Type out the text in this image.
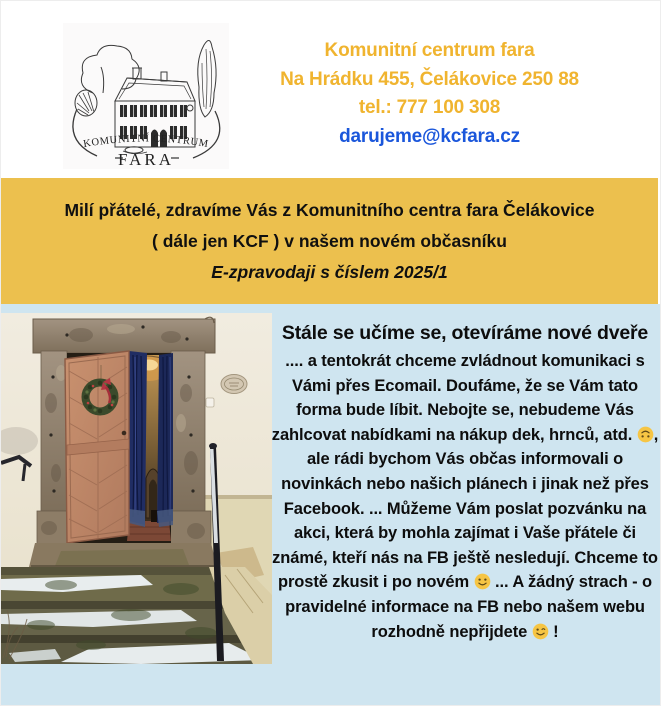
KOMUNITNÍ CENTRUM
FARA
Komunitní centrum fara
Na Hrádku 455, Čelákovice 250 88
tel.: 777 100 308
darujeme@kcfara.cz
Milí přátelé, zdravíme Vás z Komunitního centra fara Čelákovice
( dále jen KCF ) v našem novém občasníku
E-zpravodaji s číslem 2025/1

Stále se učíme se, otevíráme nové dveře

.... a tentokrát chceme zvládnout komunikaci s Vámi přes Ecomail. Doufáme, že se Vám tato forma bude líbit. Nebojte se, nebudeme Vás zahlcovat nabídkami na nákup dek, hrnců, atd. , ale rádi bychom Vás občas informovali o novinkách nebo našich plánech i jinak než přes Facebook. ... Můžeme Vám poslat pozvánku na akci, která by mohla zajímat i Vaše přátele či známé, kteří nás na FB ještě nesledují. Chceme to prostě zkusit i po novém  ... A žádný strach - o pravidelné informace na FB nebo našem webu rozhodně nepřijdete  !
